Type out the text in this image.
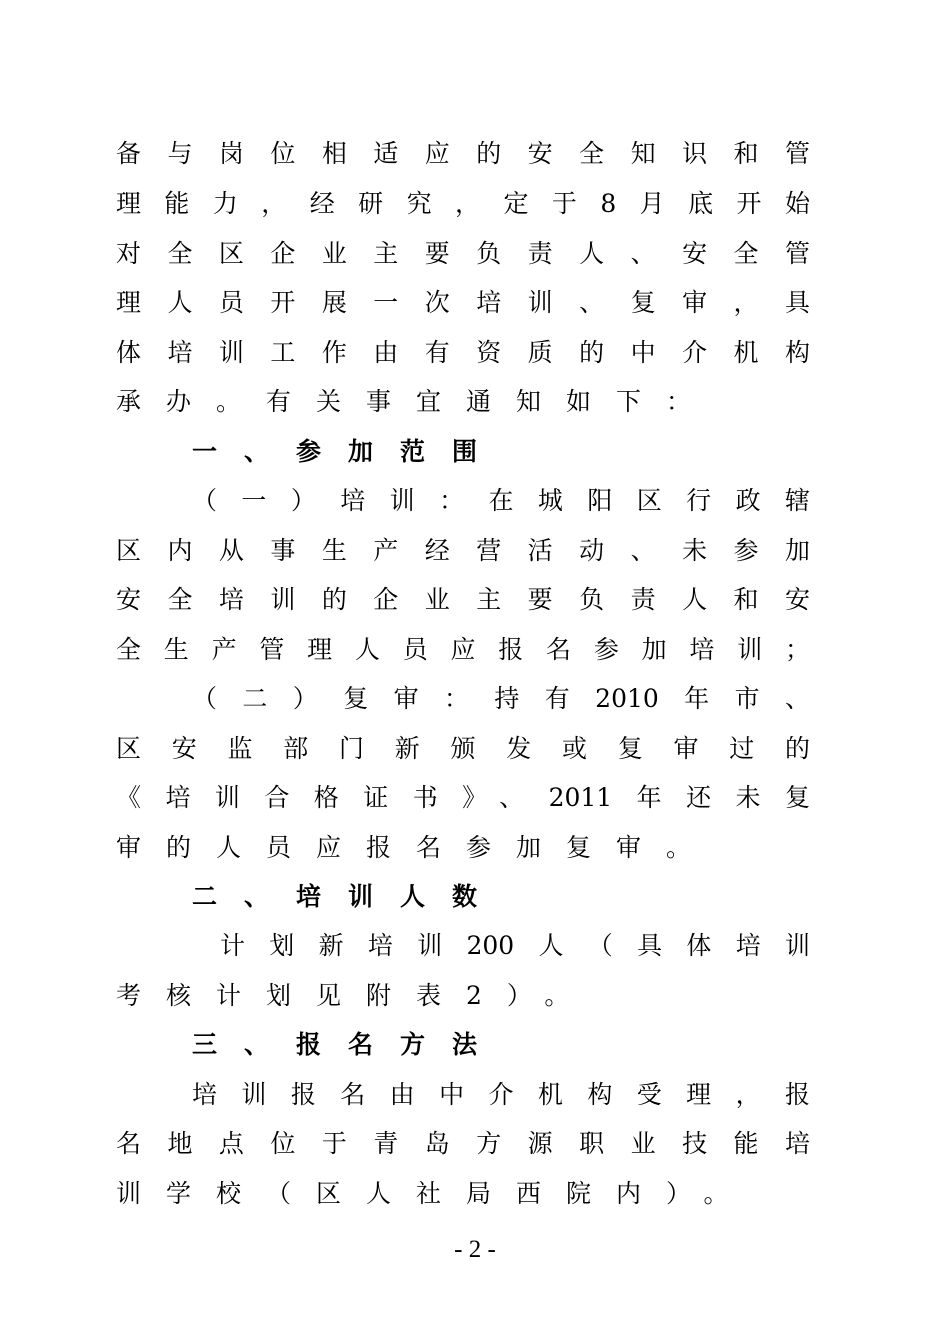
备与岗位相适应的安全知识和管
理能力，经研究，定于8月底开始
对全区企业主要负责人、安全管
理人员开展一次培训、复审，具
体培训工作由有资质的中介机构
承办。有关事宜通知如下：
一、参加范围
（一）培训：在城阳区行政辖
区内从事生产经营活动、未参加
安全培训的企业主要负责人和安
全生产管理人员应报名参加培训；
（二）复审：持有2010年市、
区安监部门新颁发或复审过的
《培训合格证书》、2011年还未复
审的人员应报名参加复审。
二、培训人数
计划新培训200人（具体培训
考核计划见附表2）。
三、报名方法
培训报名由中介机构受理，报
名地点位于青岛方源职业技能培
训学校（区人社局西院内）。
- 2 -
